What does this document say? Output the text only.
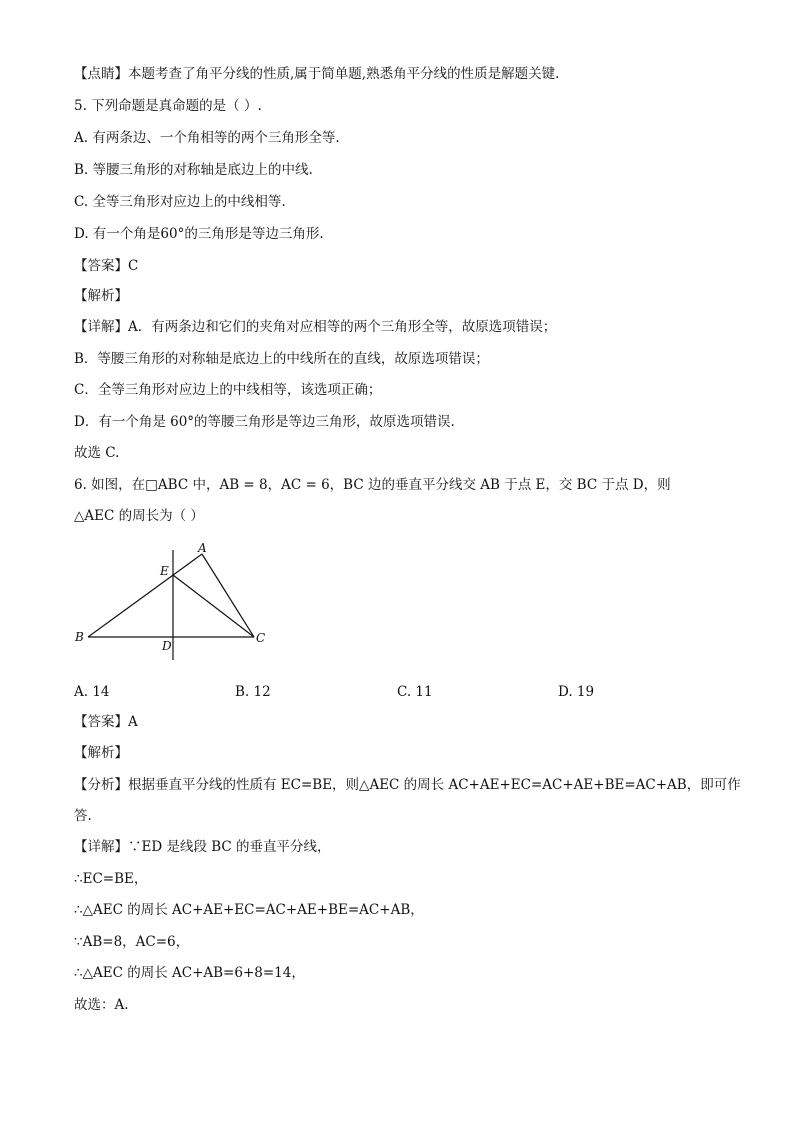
【点睛】本题考查了角平分线的性质,属于简单题,熟悉角平分线的性质是解题关键.
5. 下列命题是真命题的是（ ）.
A. 有两条边、一个角相等的两个三角形全等.
B. 等腰三角形的对称轴是底边上的中线.
C. 全等三角形对应边上的中线相等.
D. 有一个角是60°的三角形是等边三角形.
【答案】C
【解析】
【详解】A．有两条边和它们的夹角对应相等的两个三角形全等，故原选项错误；
B．等腰三角形的对称轴是底边上的中线所在的直线，故原选项错误；
C．全等三角形对应边上的中线相等，该选项正确；
D．有一个角是 60°的等腰三角形是等边三角形，故原选项错误.
故选 C.
6. 如图，在□ABC 中，AB = 8，AC = 6，BC 边的垂直平分线交 AB 于点 E，交 BC 于点 D，则
△AEC 的周长为（ ）
A
E
B	C
D
A. 14	B. 12	C. 11	D. 19
【答案】A
【解析】
【分析】根据垂直平分线的性质有 EC=BE，则△AEC 的周长 AC+AE+EC=AC+AE+BE=AC+AB，即可作
答.
【详解】∵ED 是线段 BC 的垂直平分线，
∴EC=BE，
∴△AEC 的周长 AC+AE+EC=AC+AE+BE=AC+AB，
∵AB=8，AC=6，
∴△AEC 的周长 AC+AB=6+8=14，
故选：A.
